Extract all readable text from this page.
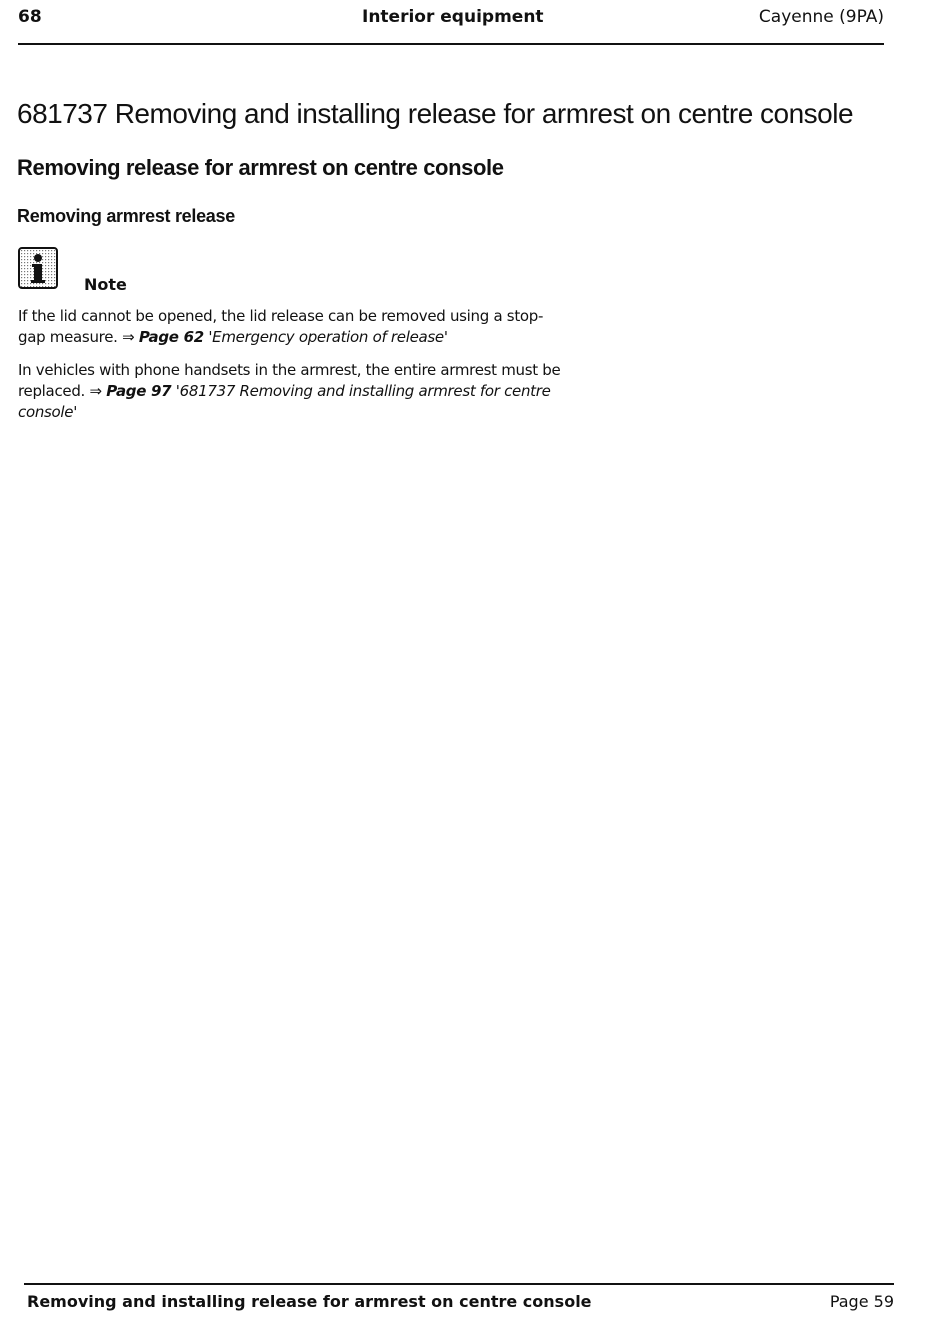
68	Interior equipment	Cayenne (9PA)
681737 Removing and installing release for armrest on centre console
Removing release for armrest on centre console
Removing armrest release
Note
If the lid cannot be opened, the lid release can be removed using a stop-gap measure. ⇒ Page 62 'Emergency operation of release'
In vehicles with phone handsets in the armrest, the entire armrest must be replaced. ⇒ Page 97 '681737 Removing and installing armrest for centre console'
Removing and installing release for armrest on centre console	Page 59
